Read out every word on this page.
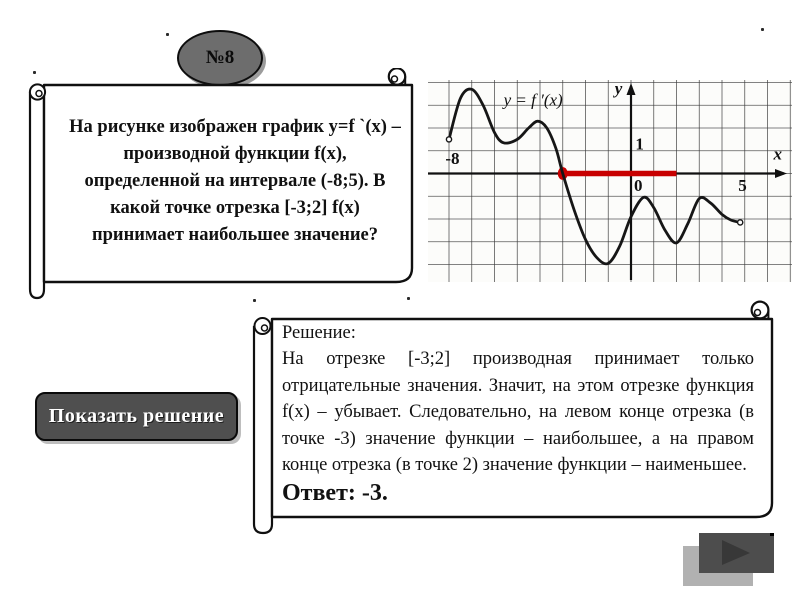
№8
На рисунке изображен график y=f `(x) – производной функции f(x), определенной на интервале (-8;5). В какой точке отрезка [-3;2] f(x) принимает наибольшее значение?
-8
1
0	5
x
y
y = f ′(x)
Показать решение
Решение:
На отрезке [-3;2] производная принимает только отрицательные значения. Значит, на этом отрезке функция f(x) – убывает. Следовательно, на левом конце отрезка (в точке -3) значение функции – наибольшее, а на правом конце отрезка (в точке 2) значение функции – наименьшее.
Ответ: -3.
